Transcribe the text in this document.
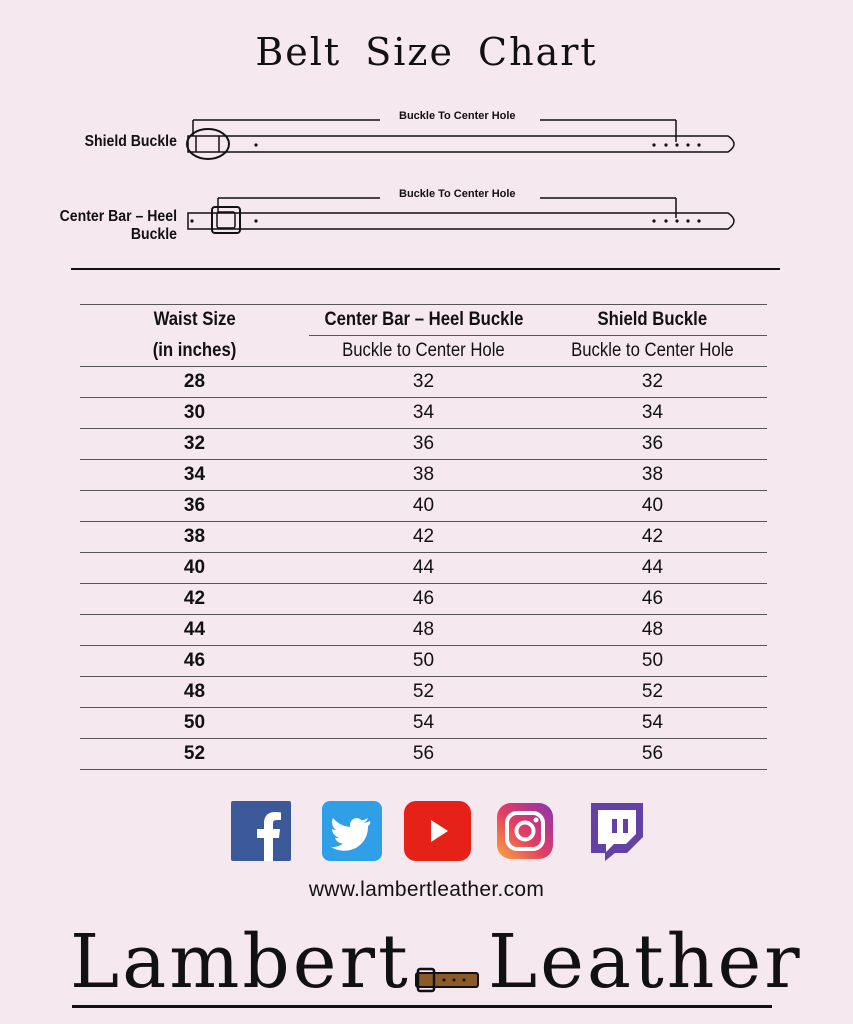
Belt Size Chart
Shield Buckle
Buckle To Center Hole
Center Bar – Heel Buckle
Buckle To Center Hole
Waist Size	Center Bar – Heel Buckle	Shield Buckle
(in inches)	Buckle to Center Hole	Buckle to Center Hole
28	32	32
30	34	34
32	36	36
34	38	38
36	40	40
38	42	42
40	44	44
42	46	46
44	48	48
46	50	50
48	52	52
50	54	54
52	56	56
www.lambertleather.com
Lambert Leather
